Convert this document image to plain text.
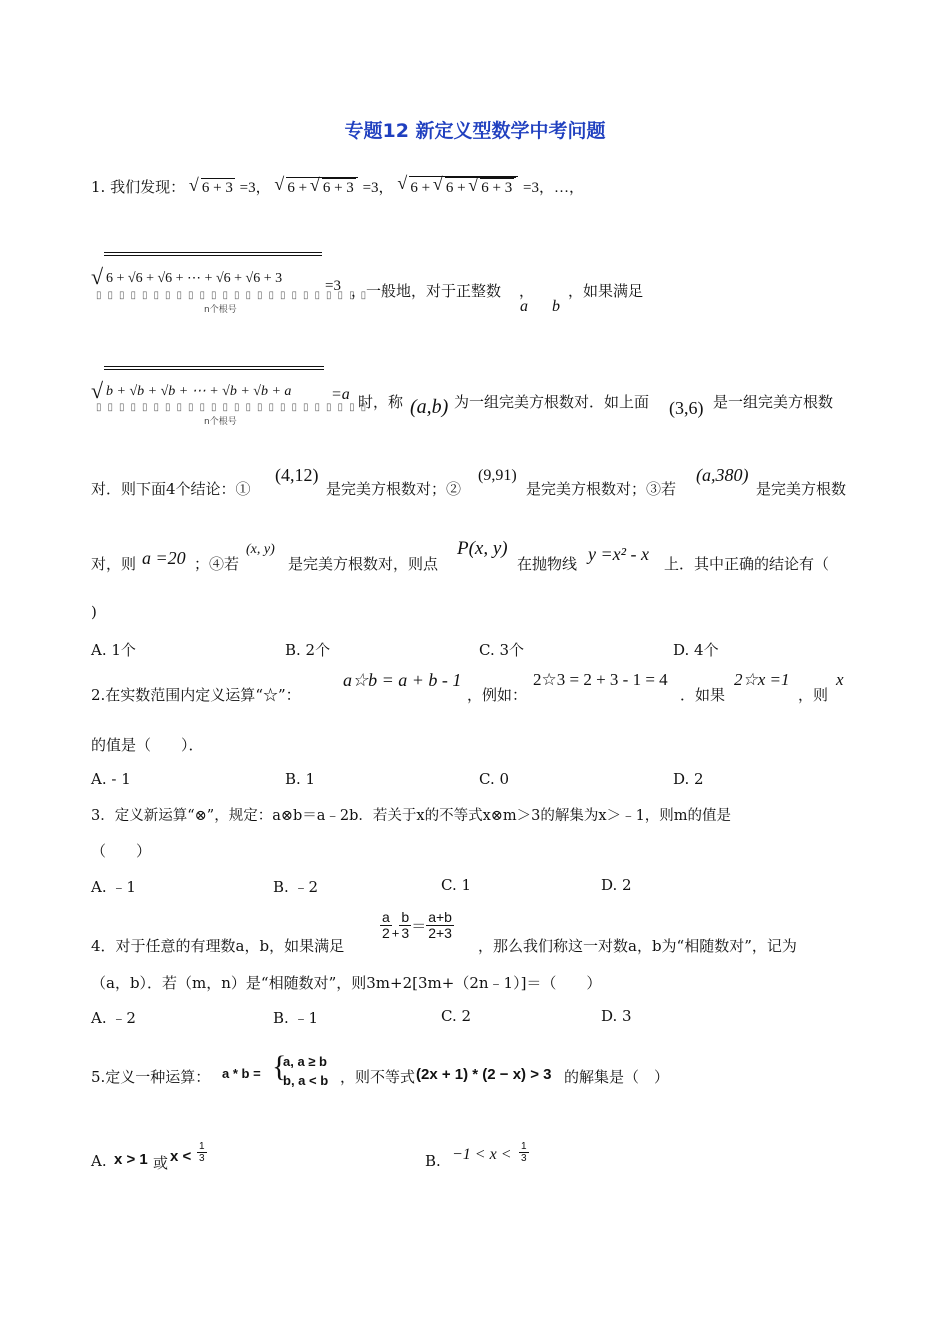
专题12 新定义型数学中考问题
1. 我们发现： √ 6 + 3 =3， √ 6 + √ 6 + 3 =3， √ 6 + √ 6 + √ 6 + 3 =3，…，
√ 6 + √6 + √6 + ⋯ + √6 + √6 + 3
▯▯▯▯▯▯▯▯▯▯▯▯▯▯▯▯▯▯▯▯▯▯▯▯
n个根号
=3 ，一般地，对于正整数 ，
a b
，如果满足
√ b + √b + √b + ⋯ + √b + √b + a
▯▯▯▯▯▯▯▯▯▯▯▯▯▯▯▯▯▯▯▯▯▯▯▯
n个根号
=a 时，称 (a,b) 为一组完美方根数对．如上面 (3,6) 是一组完美方根数
对．则下面4个结论：①
(4,12)
是完美方根数对；②
(9,91)
是完美方根数对；③若
(a,380)
是完美方根数
对，则 a =20 ；④若
(x, y)
是完美方根数对，则点
P(x, y)
在抛物线 y =x² - x 上．其中正确的结论有（
)
A. 1个	B. 2个	C. 3个	D. 4个
2.在实数范围内定义运算“☆”：
a☆b = a + b - 1
，例如：
2☆3 = 2 + 3 - 1 = 4
．如果
2☆x =1
，则
x
的值是（　　）．
A. - 1	B. 1	C. 0	D. 2
3．定义新运算“⊗”，规定：a⊗b＝a﹣2b．若关于x的不等式x⊗m＞3的解集为x＞﹣1，则m的值是
（　　）
A. ﹣1	B. ﹣2	C. 1	D. 2
4．对于任意的有理数a，b，如果满足
$\frac{a}{2} + \frac{b}{3} = \frac{a+b}{2+3}$
，那么我们称这一对数a，b为“相随数对”，记为
（a，b）．若（m，n）是“相随数对”，则3m+2[3m+（2n﹣1）]＝（　　）
A. ﹣2	B. ﹣1	C. 2	D. 3
5.定义一种运算： a * b = {
a, a ≥ b
b, a < b ，则不等式 (2x + 1) * (2 − x) > 3 的解集是（　）
A. x > 1 或 $x < \frac{1}{3}$	B. $-1 < x < \frac{1}{3}$
